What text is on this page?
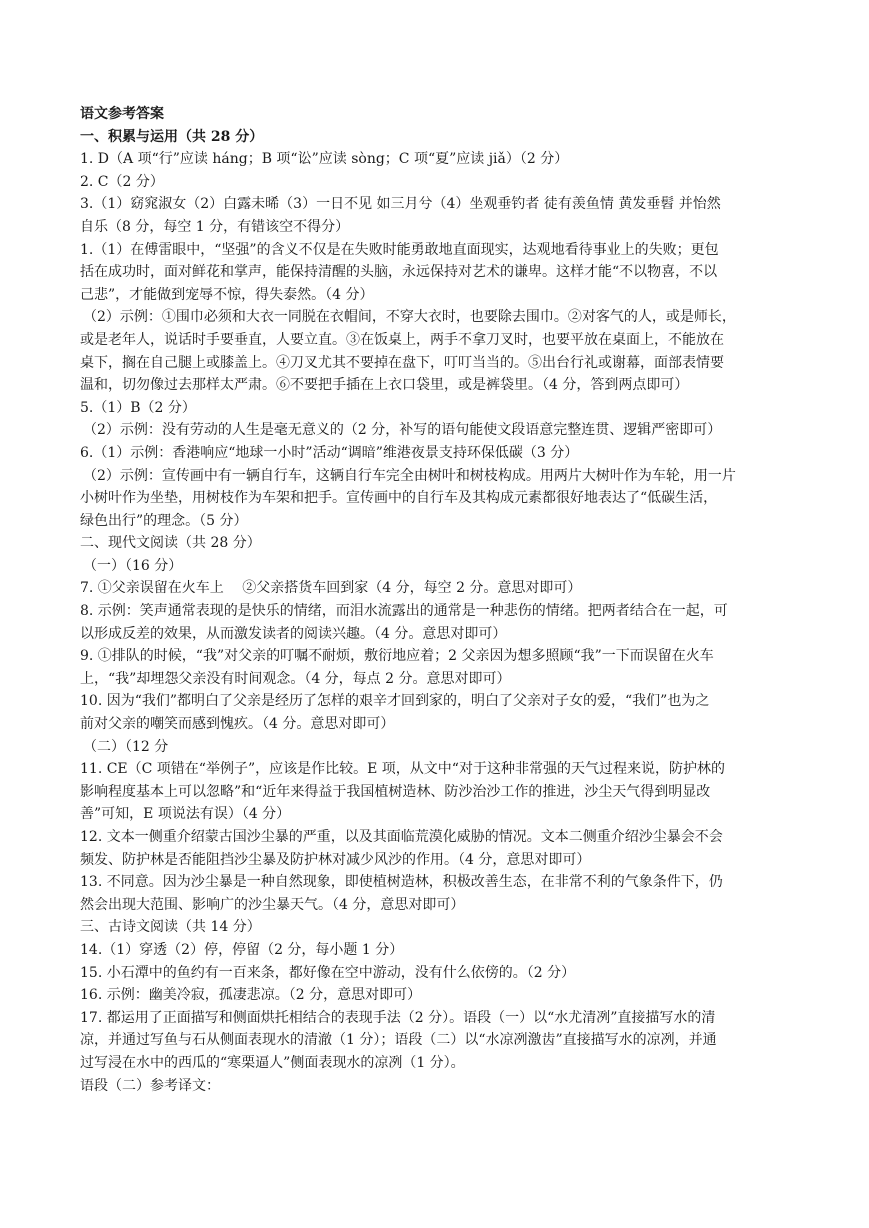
语文参考答案
一、积累与运用（共 28 分）
1. D（A 项“行”应读 háng；B 项“讼”应读 sòng；C 项“夏”应读 jiǎ）（2 分）
2. C（2 分）
3.（1）窈窕淑女（2）白露未晞（3）一日不见 如三月兮（4）坐观垂钓者 徒有羡鱼情 黄发垂髫 并怡然
自乐（8 分，每空 1 分，有错该空不得分）
1.（1）在傅雷眼中，“坚强”的含义不仅是在失败时能勇敢地直面现实，达观地看待事业上的失败；更包
括在成功时，面对鲜花和掌声，能保持清醒的头脑，永远保持对艺术的谦卑。这样才能“不以物喜，不以
己悲”，才能做到宠辱不惊，得失泰然。（4 分）
（2）示例：①围巾必须和大衣一同脱在衣帽间，不穿大衣时，也要除去围巾。②对客气的人，或是师长，
或是老年人，说话时手要垂直，人要立直。③在饭桌上，两手不拿刀叉时，也要平放在桌面上，不能放在
桌下，搁在自己腿上或膝盖上。④刀叉尤其不要掉在盘下，叮叮当当的。⑤出台行礼或谢幕，面部表情要
温和，切勿像过去那样太严肃。⑥不要把手插在上衣口袋里，或是裤袋里。（4 分，答到两点即可）
5.（1）B（2 分）
（2）示例：没有劳动的人生是毫无意义的（2 分，补写的语句能使文段语意完整连贯、逻辑严密即可）
6.（1）示例：香港响应“地球一小时”活动“调暗”维港夜景支持环保低碳（3 分）
（2）示例：宣传画中有一辆自行车，这辆自行车完全由树叶和树枝构成。用两片大树叶作为车轮，用一片
小树叶作为坐垫，用树枝作为车架和把手。宣传画中的自行车及其构成元素都很好地表达了“低碳生活，
绿色出行”的理念。（5 分）
二、现代文阅读（共 28 分）
（一）（16 分）
7. ①父亲误留在火车上　 ②父亲搭货车回到家（4 分，每空 2 分。意思对即可）
8. 示例：笑声通常表现的是快乐的情绪，而泪水流露出的通常是一种悲伤的情绪。把两者结合在一起，可
以形成反差的效果，从而激发读者的阅读兴趣。（4 分。意思对即可）
9. ①排队的时候，“我”对父亲的叮嘱不耐烦，敷衍地应着；2 父亲因为想多照顾“我”一下而误留在火车
上，“我”却埋怨父亲没有时间观念。（4 分，每点 2 分。意思对即可）
10. 因为“我们”都明白了父亲是经历了怎样的艰辛才回到家的，明白了父亲对子女的爱，“我们”也为之
前对父亲的嘲笑而感到愧疚。（4 分。意思对即可）
（二）（12 分
11. CE（C 项错在“举例子”，应该是作比较。E 项，从文中“对于这种非常强的天气过程来说，防护林的
影响程度基本上可以忽略”和“近年来得益于我国植树造林、防沙治沙工作的推进，沙尘天气得到明显改
善”可知，E 项说法有误）（4 分）
12. 文本一侧重介绍蒙古国沙尘暴的严重，以及其面临荒漠化威胁的情况。文本二侧重介绍沙尘暴会不会
频发、防护林是否能阻挡沙尘暴及防护林对减少风沙的作用。（4 分，意思对即可）
13. 不同意。因为沙尘暴是一种自然现象，即使植树造林，积极改善生态，在非常不利的气象条件下，仍
然会出现大范围、影响广的沙尘暴天气。（4 分，意思对即可）
三、古诗文阅读（共 14 分）
14.（1）穿透（2）停，停留（2 分，每小题 1 分）
15. 小石潭中的鱼约有一百来条，都好像在空中游动，没有什么依傍的。（2 分）
16. 示例：幽美冷寂，孤凄悲凉。（2 分，意思对即可）
17. 都运用了正面描写和侧面烘托相结合的表现手法（2 分）。语段（一）以“水尤清冽”直接描写水的清
凉，并通过写鱼与石从侧面表现水的清澈（1 分）；语段（二）以“水凉冽激齿”直接描写水的凉冽，并通
过写浸在水中的西瓜的“寒栗逼人”侧面表现水的凉冽（1 分）。
语段（二）参考译文：
